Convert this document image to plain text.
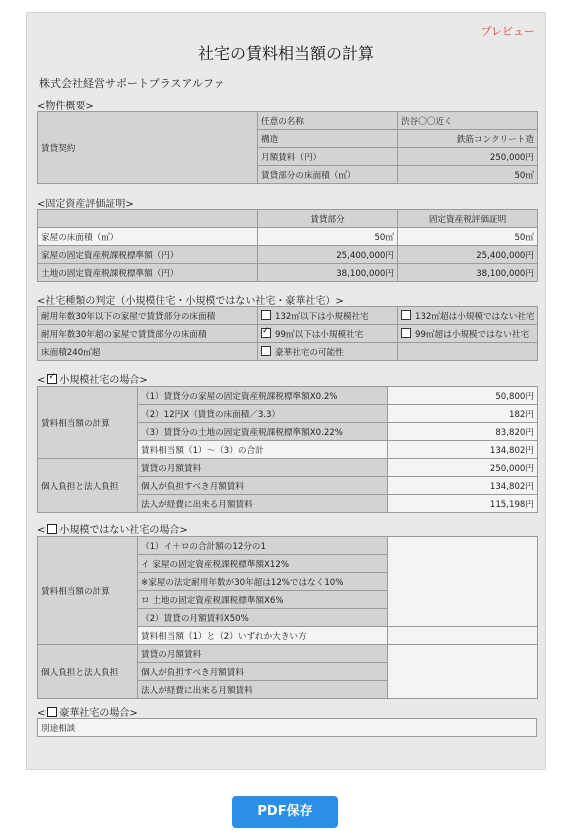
プレビュー
社宅の賃料相当額の計算
株式会社経営サポートプラスアルファ
<物件概要>
賃貸契約	任意の名称	渋谷〇〇近く
	構造	鉄筋コンクリート造
	月額賃料（円）	250,000円
	賃貸部分の床面積（㎡）	50㎡
<固定資産評価証明>
	賃貸部分	固定資産税評価証明
家屋の床面積（㎡）	50㎡	50㎡
家屋の固定資産税課税標準額（円）	25,400,000円	25,400,000円
土地の固定資産税課税標準額（円）	38,100,000円	38,100,000円
<社宅種類の判定（小規模住宅・小規模ではない社宅・豪華社宅）>
耐用年数30年以下の家屋で賃貸部分の床面積	132㎡以下は小規模社宅	132㎡超は小規模ではない社宅
耐用年数30年超の家屋で賃貸部分の床面積	✓99㎡以下は小規模社宅	99㎡超は小規模ではない社宅
床面積240㎡超	豪華社宅の可能性	
< ✓ 小規模社宅の場合>
賃料相当額の計算	（1）賃貸分の家屋の固定資産税課税標準額X0.2%	50,800円
	（2）12円X（賃貸の床面積／3.3）	182円
	（3）賃貸分の土地の固定資産税課税標準額X0.22%	83,820円
	賃料相当額（1）～（3）の合計	134,802円
個人負担と法人負担	賃貸の月額賃料	250,000円
	個人が負担すべき月額賃料	134,802円
	法人が経費に出来る月額賃料	115,198円
< 小規模ではない社宅の場合>
賃料相当額の計算	（1）イ＋ロの合計額の12分の1	
	イ 家屋の固定資産税課税標準額X12%	
	※家屋の法定耐用年数が30年超は12%ではなく10%	
	ロ 土地の固定資産税課税標準額X6%	
	（2）賃貸の月額賃料X50%	
	賃料相当額（1）と（2）いずれか大きい方	
個人負担と法人負担	賃貸の月額賃料	
	個人が負担すべき月額賃料	
	法人が経費に出来る月額賃料	
< 豪華社宅の場合>
別途相談
PDF保存
